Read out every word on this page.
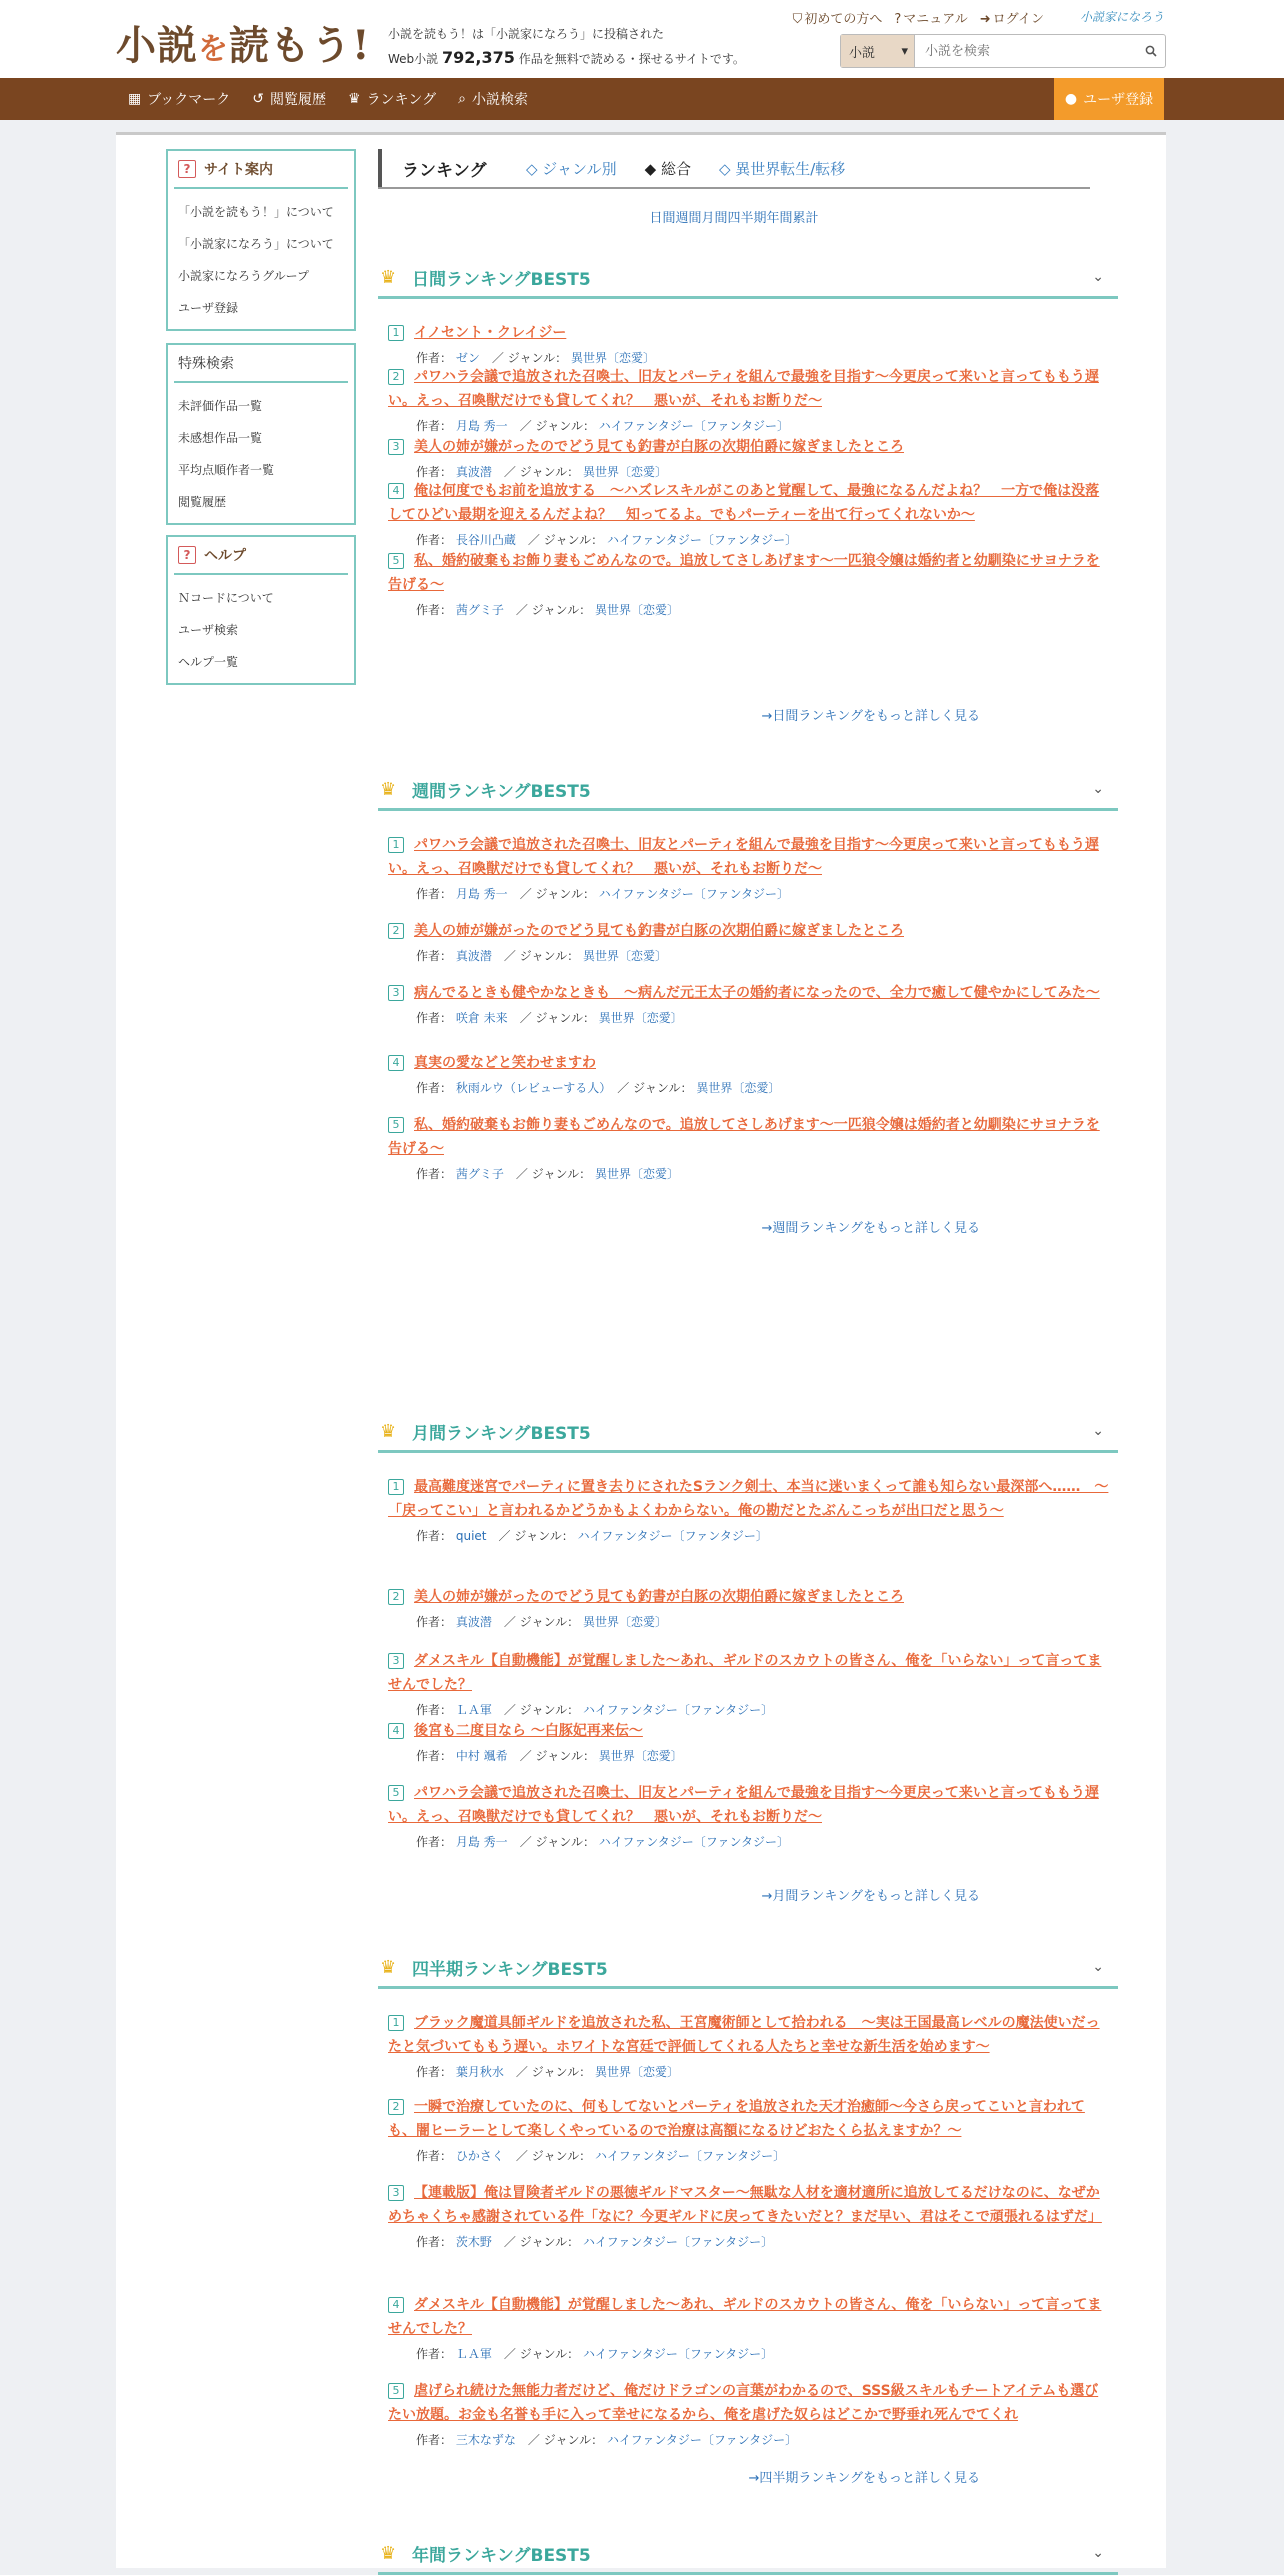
小説を読もう! 小説を読もう！は「小説家になろう」に投稿された
Web小説 792,375 作品を無料で読める・探せるサイトです。
⛉ 初めての方へ ? マニュアル ➜ ログイン	小説家になろう
小説 ▾
小説を検索
▦ ブックマーク ↺ 閲覧履歴 ♛ ランキング ⌕ 小説検索	● ユーザ登録
? サイト案内
「小説を読もう！」について
「小説家になろう」について
小説家になろうグループ
ユーザ登録
特殊検索
未評価作品一覧
未感想作品一覧
平均点順作者一覧
閲覧履歴
? ヘルプ
Ｎコードについて
ユーザ検索
ヘルプ一覧
ランキング	◇ ジャンル別 ◆ 総合 ◇ 異世界転生/転移
日間 週間 月間 四半期 年間 累計
♛ 日間ランキングBEST5	⌄
1 イノセント・クレイジー
作者： ゼン　 ／ ジャンル： 異世界〔恋愛〕
2 パワハラ会議で追放された召喚士、旧友とパーティを組んで最強を目指す～今更戻って来いと言ってももう遅い。えっ、召喚獣だけでも貸してくれ？　悪いが、それもお断りだ～
作者： 月島 秀一　 ／ ジャンル： ハイファンタジー〔ファンタジー〕
3 美人の姉が嫌がったのでどう見ても釣書が白豚の次期伯爵に嫁ぎましたところ
作者： 真波潜　 ／ ジャンル： 異世界〔恋愛〕
4 俺は何度でもお前を追放する　～ハズレスキルがこのあと覚醒して、最強になるんだよね？　一方で俺は没落してひどい最期を迎えるんだよね？　知ってるよ。でもパーティーを出て行ってくれないか～
作者： 長谷川凸蔵　 ／ ジャンル： ハイファンタジー〔ファンタジー〕
5 私、婚約破棄もお飾り妻もごめんなので。追放してさしあげます～一匹狼令嬢は婚約者と幼馴染にサヨナラを告げる～
作者： 茜グミ子　 ／ ジャンル： 異世界〔恋愛〕
→日間ランキングをもっと詳しく見る
♛ 週間ランキングBEST5	⌄
1 パワハラ会議で追放された召喚士、旧友とパーティを組んで最強を目指す～今更戻って来いと言ってももう遅い。えっ、召喚獣だけでも貸してくれ？　悪いが、それもお断りだ～
作者： 月島 秀一　 ／ ジャンル： ハイファンタジー〔ファンタジー〕
2 美人の姉が嫌がったのでどう見ても釣書が白豚の次期伯爵に嫁ぎましたところ
作者： 真波潜　 ／ ジャンル： 異世界〔恋愛〕
3 病んでるときも健やかなときも　～病んだ元王太子の婚約者になったので、全力で癒して健やかにしてみた～
作者： 咲倉 未来　 ／ ジャンル： 異世界〔恋愛〕
4 真実の愛などと笑わせますわ
作者： 秋雨ルウ（レビューする人）　 ／ ジャンル： 異世界〔恋愛〕
5 私、婚約破棄もお飾り妻もごめんなので。追放してさしあげます～一匹狼令嬢は婚約者と幼馴染にサヨナラを告げる～
作者： 茜グミ子　 ／ ジャンル： 異世界〔恋愛〕
→週間ランキングをもっと詳しく見る
♛ 月間ランキングBEST5	⌄
1 最高難度迷宮でパーティに置き去りにされたSランク剣士、本当に迷いまくって誰も知らない最深部へ……　～「戻ってこい」と言われるかどうかもよくわからない。俺の勘だとたぶんこっちが出口だと思う～
作者： quiet　 ／ ジャンル： ハイファンタジー〔ファンタジー〕
2 美人の姉が嫌がったのでどう見ても釣書が白豚の次期伯爵に嫁ぎましたところ
作者： 真波潜　 ／ ジャンル： 異世界〔恋愛〕
3 ダメスキル【自動機能】が覚醒しました〜あれ、ギルドのスカウトの皆さん、俺を「いらない」って言ってませんでした？
作者： ＬＡ軍　 ／ ジャンル： ハイファンタジー〔ファンタジー〕
4 後宮も二度目なら ～白豚妃再来伝～
作者： 中村 颯希　 ／ ジャンル： 異世界〔恋愛〕
5 パワハラ会議で追放された召喚士、旧友とパーティを組んで最強を目指す～今更戻って来いと言ってももう遅い。えっ、召喚獣だけでも貸してくれ？　悪いが、それもお断りだ～
作者： 月島 秀一　 ／ ジャンル： ハイファンタジー〔ファンタジー〕
→月間ランキングをもっと詳しく見る
♛ 四半期ランキングBEST5	⌄
1 ブラック魔道具師ギルドを追放された私、王宮魔術師として拾われる　～実は王国最高レベルの魔法使いだったと気づいてももう遅い。ホワイトな宮廷で評価してくれる人たちと幸せな新生活を始めます～
作者： 葉月秋水　 ／ ジャンル： 異世界〔恋愛〕
2 一瞬で治療していたのに、何もしてないとパーティを追放された天才治癒師～今さら戻ってこいと言われても、闇ヒーラーとして楽しくやっているので治療は高額になるけどおたくら払えますか？～
作者： ひかさく　 ／ ジャンル： ハイファンタジー〔ファンタジー〕
3 【連載版】俺は冒険者ギルドの悪徳ギルドマスター～無駄な人材を適材適所に追放してるだけなのに、なぜかめちゃくちゃ感謝されている件「なに？今更ギルドに戻ってきたいだと？まだ早い、君はそこで頑張れるはずだ」
作者： 茨木野　 ／ ジャンル： ハイファンタジー〔ファンタジー〕
4 ダメスキル【自動機能】が覚醒しました〜あれ、ギルドのスカウトの皆さん、俺を「いらない」って言ってませんでした？
作者： ＬＡ軍　 ／ ジャンル： ハイファンタジー〔ファンタジー〕
5 虐げられ続けた無能力者だけど、俺だけドラゴンの言葉がわかるので、SSS級スキルもチートアイテムも選びたい放題。お金も名誉も手に入って幸せになるから、俺を虐げた奴らはどこかで野垂れ死んでてくれ
作者： 三木なずな　 ／ ジャンル： ハイファンタジー〔ファンタジー〕
→四半期ランキングをもっと詳しく見る
♛ 年間ランキングBEST5	⌄
